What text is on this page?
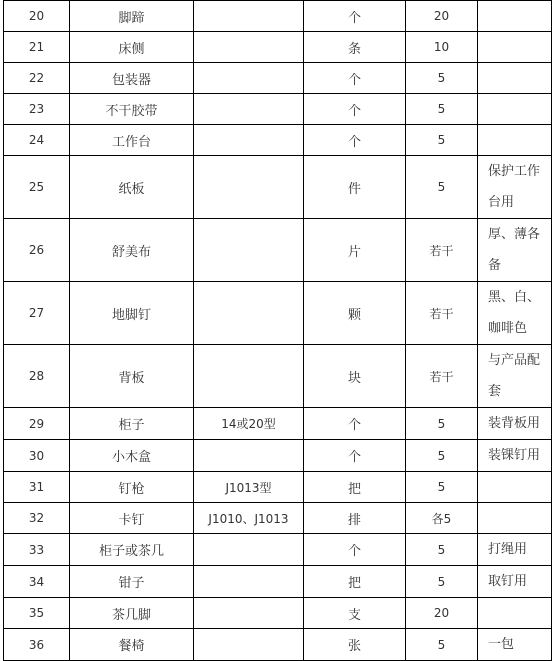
20	脚蹄		个	20	
21	床侧		条	10	
22	包装器		个	5	
23	不干胶带		个	5	
24	工作台		个	5	
25	纸板		件	5	保护工作台用
26	舒美布		片	若干	厚、薄各备
27	地脚钉		颗	若干	黑、白、咖啡色
28	背板		块	若干	与产品配套
29	柜子	14或20型	个	5	装背板用
30	小木盒		个	5	装锞钉用
31	钉枪	J1013型	把	5	
32	卡钉	J1010、J1013	排	各5	
33	柜子或茶几		个	5	打绳用
34	钳子		把	5	取钉用
35	茶几脚		支	20	
36	餐椅		张	5	一包
